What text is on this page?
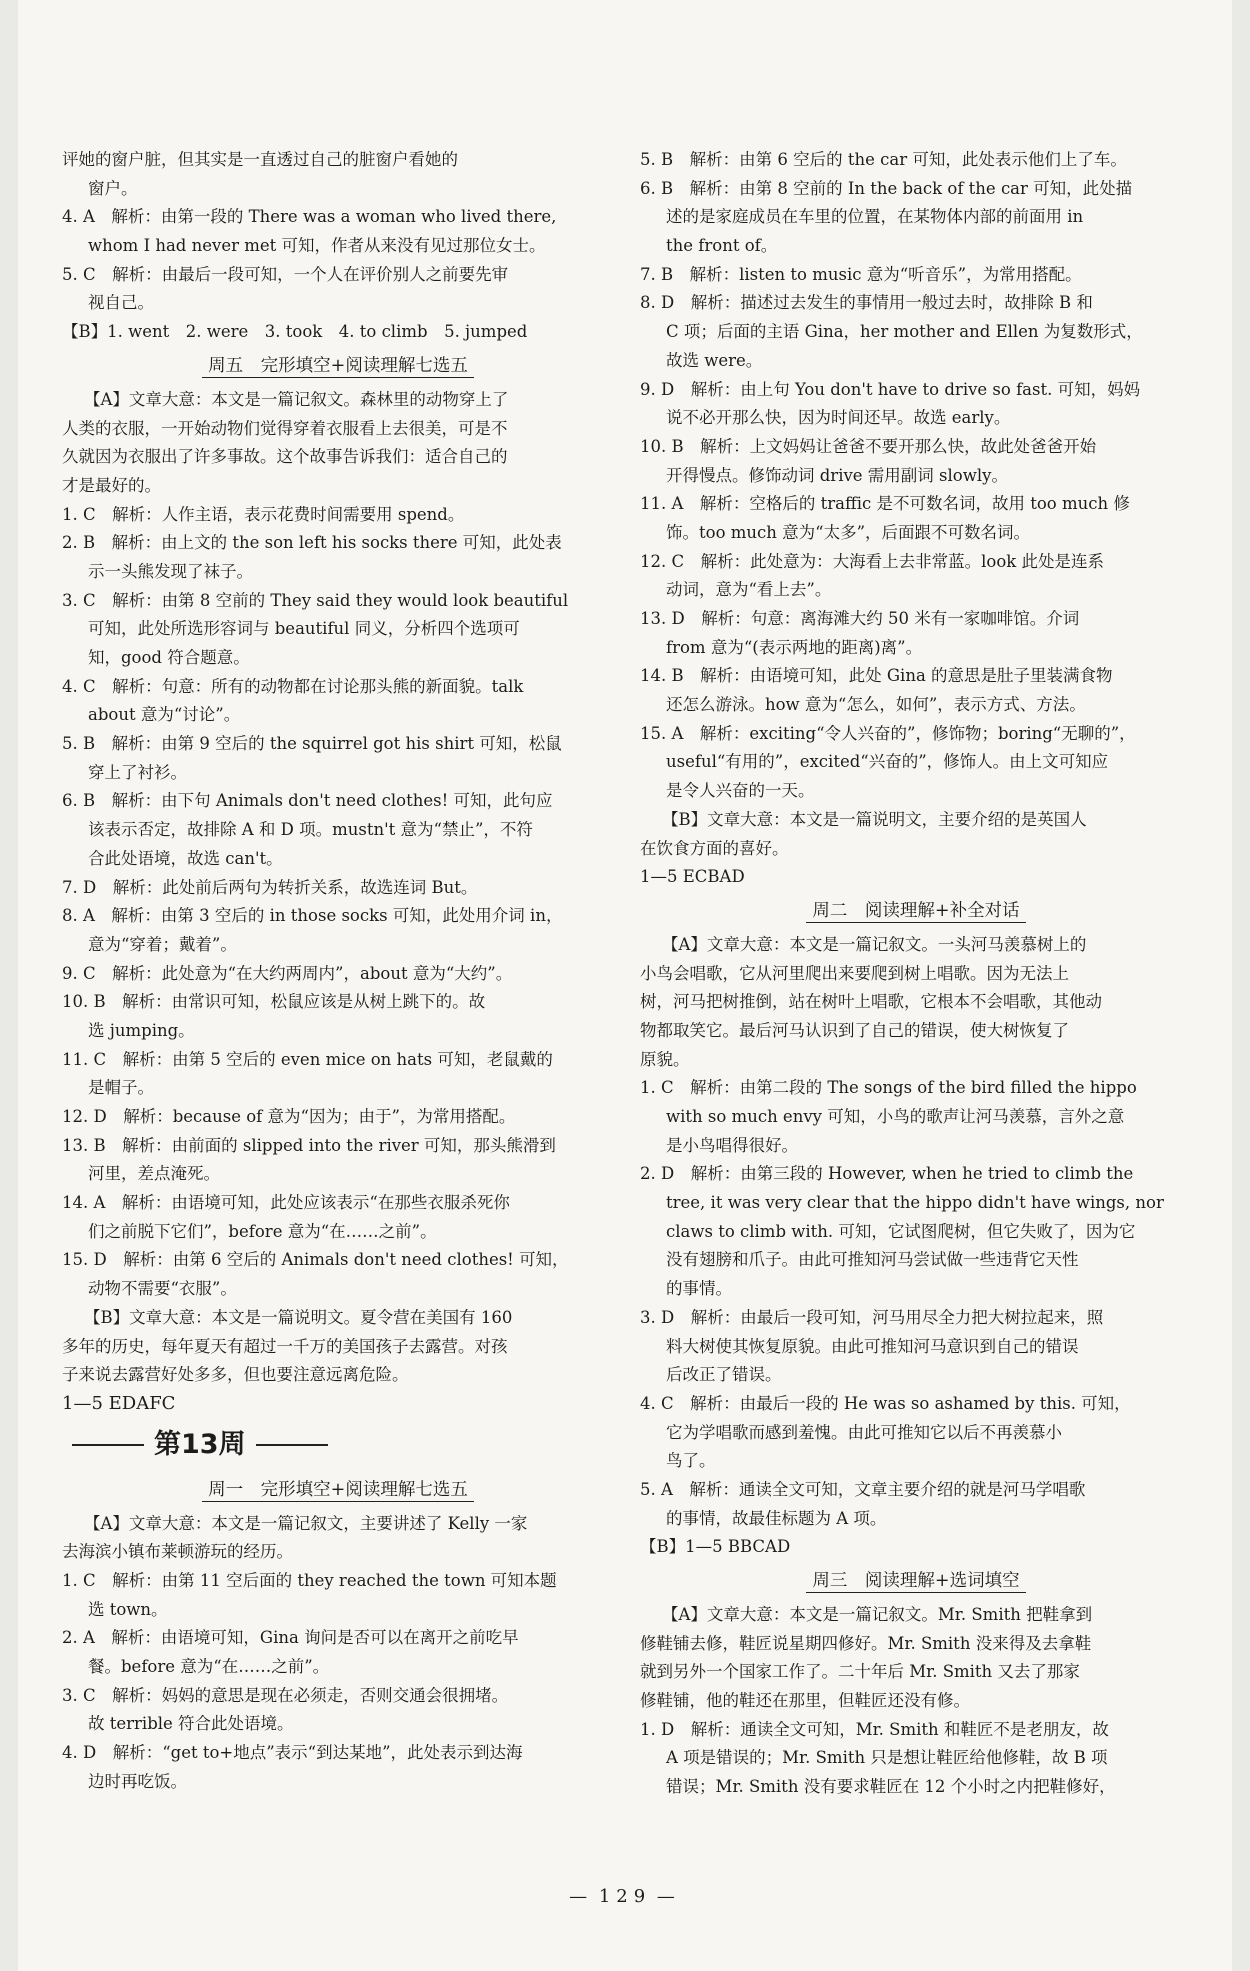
评她的窗户脏，但其实是一直透过自己的脏窗户看她的
窗户。
4. A　解析：由第一段的 There was a woman who lived there,
whom I had never met 可知，作者从来没有见过那位女士。
5. C　解析：由最后一段可知，一个人在评价别人之前要先审
视自己。
【B】1. went　2. were　3. took　4. to climb　5. jumped
周五　完形填空+阅读理解七选五
【A】文章大意：本文是一篇记叙文。森林里的动物穿上了
人类的衣服，一开始动物们觉得穿着衣服看上去很美，可是不
久就因为衣服出了许多事故。这个故事告诉我们：适合自己的
才是最好的。
1. C　解析：人作主语，表示花费时间需要用 spend。
2. B　解析：由上文的 the son left his socks there 可知，此处表
示一头熊发现了袜子。
3. C　解析：由第 8 空前的 They said they would look beautiful
可知，此处所选形容词与 beautiful 同义，分析四个选项可
知，good 符合题意。
4. C　解析：句意：所有的动物都在讨论那头熊的新面貌。talk
about 意为“讨论”。
5. B　解析：由第 9 空后的 the squirrel got his shirt 可知，松鼠
穿上了衬衫。
6. B　解析：由下句 Animals don't need clothes! 可知，此句应
该表示否定，故排除 A 和 D 项。mustn't 意为“禁止”，不符
合此处语境，故选 can't。
7. D　解析：此处前后两句为转折关系，故选连词 But。
8. A　解析：由第 3 空后的 in those socks 可知，此处用介词 in，
意为“穿着；戴着”。
9. C　解析：此处意为“在大约两周内”，about 意为“大约”。
10. B　解析：由常识可知，松鼠应该是从树上跳下的。故
选 jumping。
11. C　解析：由第 5 空后的 even mice on hats 可知，老鼠戴的
是帽子。
12. D　解析：because of 意为“因为；由于”，为常用搭配。
13. B　解析：由前面的 slipped into the river 可知，那头熊滑到
河里，差点淹死。
14. A　解析：由语境可知，此处应该表示“在那些衣服杀死你
们之前脱下它们”，before 意为“在……之前”。
15. D　解析：由第 6 空后的 Animals don't need clothes! 可知，
动物不需要“衣服”。
【B】文章大意：本文是一篇说明文。夏令营在美国有 160
多年的历史，每年夏天有超过一千万的美国孩子去露营。对孩
子来说去露营好处多多，但也要注意远离危险。
1—5 EDAFC
第13周
周一　完形填空+阅读理解七选五
【A】文章大意：本文是一篇记叙文，主要讲述了 Kelly 一家
去海滨小镇布莱顿游玩的经历。
1. C　解析：由第 11 空后面的 they reached the town 可知本题
选 town。
2. A　解析：由语境可知，Gina 询问是否可以在离开之前吃早
餐。before 意为“在……之前”。
3. C　解析：妈妈的意思是现在必须走，否则交通会很拥堵。
故 terrible 符合此处语境。
4. D　解析：“get to+地点”表示“到达某地”，此处表示到达海
边时再吃饭。
5. B　解析：由第 6 空后的 the car 可知，此处表示他们上了车。
6. B　解析：由第 8 空前的 In the back of the car 可知，此处描
述的是家庭成员在车里的位置，在某物体内部的前面用 in
the front of。
7. B　解析：listen to music 意为“听音乐”，为常用搭配。
8. D　解析：描述过去发生的事情用一般过去时，故排除 B 和
C 项；后面的主语 Gina，her mother and Ellen 为复数形式，
故选 were。
9. D　解析：由上句 You don't have to drive so fast. 可知，妈妈
说不必开那么快，因为时间还早。故选 early。
10. B　解析：上文妈妈让爸爸不要开那么快，故此处爸爸开始
开得慢点。修饰动词 drive 需用副词 slowly。
11. A　解析：空格后的 traffic 是不可数名词，故用 too much 修
饰。too much 意为“太多”，后面跟不可数名词。
12. C　解析：此处意为：大海看上去非常蓝。look 此处是连系
动词，意为“看上去”。
13. D　解析：句意：离海滩大约 50 米有一家咖啡馆。介词
from 意为“(表示两地的距离)离”。
14. B　解析：由语境可知，此处 Gina 的意思是肚子里装满食物
还怎么游泳。how 意为“怎么，如何”，表示方式、方法。
15. A　解析：exciting“令人兴奋的”，修饰物；boring“无聊的”，
useful“有用的”，excited“兴奋的”，修饰人。由上文可知应
是令人兴奋的一天。
【B】文章大意：本文是一篇说明文，主要介绍的是英国人
在饮食方面的喜好。
1—5 ECBAD
周二　阅读理解+补全对话
【A】文章大意：本文是一篇记叙文。一头河马羡慕树上的
小鸟会唱歌，它从河里爬出来要爬到树上唱歌。因为无法上
树，河马把树推倒，站在树叶上唱歌，它根本不会唱歌，其他动
物都取笑它。最后河马认识到了自己的错误，使大树恢复了
原貌。
1. C　解析：由第二段的 The songs of the bird filled the hippo
with so much envy 可知，小鸟的歌声让河马羡慕，言外之意
是小鸟唱得很好。
2. D　解析：由第三段的 However, when he tried to climb the
tree, it was very clear that the hippo didn't have wings, nor
claws to climb with. 可知，它试图爬树，但它失败了，因为它
没有翅膀和爪子。由此可推知河马尝试做一些违背它天性
的事情。
3. D　解析：由最后一段可知，河马用尽全力把大树拉起来，照
料大树使其恢复原貌。由此可推知河马意识到自己的错误
后改正了错误。
4. C　解析：由最后一段的 He was so ashamed by this. 可知，
它为学唱歌而感到羞愧。由此可推知它以后不再羡慕小
鸟了。
5. A　解析：通读全文可知，文章主要介绍的就是河马学唱歌
的事情，故最佳标题为 A 项。
【B】1—5 BBCAD
周三　阅读理解+选词填空
【A】文章大意：本文是一篇记叙文。Mr. Smith 把鞋拿到
修鞋铺去修，鞋匠说星期四修好。Mr. Smith 没来得及去拿鞋
就到另外一个国家工作了。二十年后 Mr. Smith 又去了那家
修鞋铺，他的鞋还在那里，但鞋匠还没有修。
1. D　解析：通读全文可知，Mr. Smith 和鞋匠不是老朋友，故
A 项是错误的；Mr. Smith 只是想让鞋匠给他修鞋，故 B 项
错误；Mr. Smith 没有要求鞋匠在 12 个小时之内把鞋修好，
— 129 —
